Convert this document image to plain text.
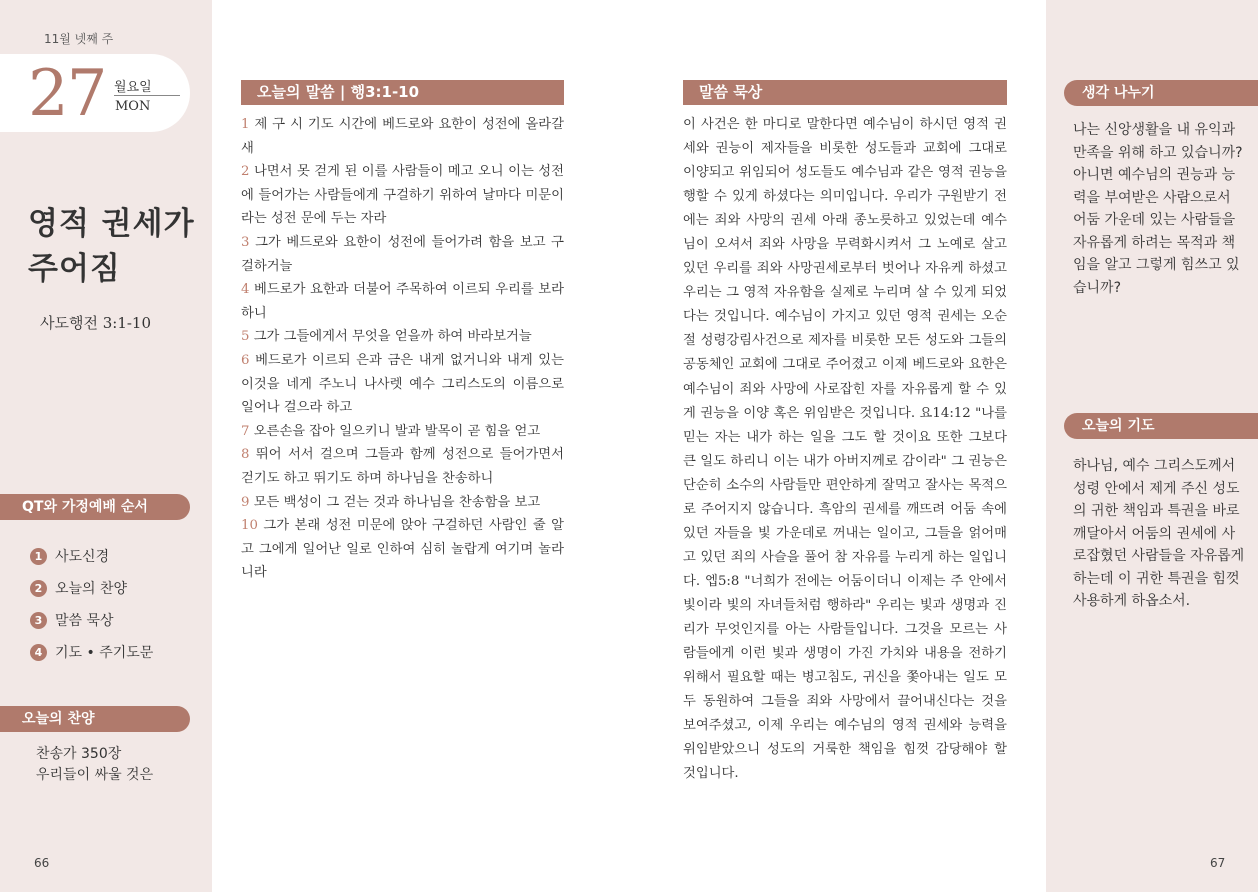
11월 넷째 주
27 월요일
MON
영적 권세가
주어짐
사도행전 3:1-10
QT와 가정예배 순서
1 사도신경
2 오늘의 찬양
3 말씀 묵상
4 기도 • 주기도문
오늘의 찬양
찬송가 350장
우리들이 싸울 것은
66
오늘의 말씀 | 행3:1-10

1 제 구 시 기도 시간에 베드로와 요한이 성전에 올라갈새

2 나면서 못 걷게 된 이를 사람들이 메고 오니 이는 성전에 들어가는 사람들에게 구걸하기 위하여 날마다 미문이라는 성전 문에 두는 자라

3 그가 베드로와 요한이 성전에 들어가려 함을 보고 구걸하거늘

4 베드로가 요한과 더불어 주목하여 이르되 우리를 보라 하니

5 그가 그들에게서 무엇을 얻을까 하여 바라보거늘

6 베드로가 이르되 은과 금은 내게 없거니와 내게 있는 이것을 네게 주노니 나사렛 예수 그리스도의 이름으로 일어나 걸으라 하고

7 오른손을 잡아 일으키니 발과 발목이 곧 힘을 얻고

8 뛰어 서서 걸으며 그들과 함께 성전으로 들어가면서 걷기도 하고 뛰기도 하며 하나님을 찬송하니

9 모든 백성이 그 걷는 것과 하나님을 찬송함을 보고

10 그가 본래 성전 미문에 앉아 구걸하던 사람인 줄 알고 그에게 일어난 일로 인하여 심히 놀랍게 여기며 놀라니라

말씀 묵상

이 사건은 한 마디로 말한다면 예수님이 하시던 영적 권세와 권능이 제자들을 비롯한 성도들과 교회에 그대로 이양되고 위임되어 성도들도 예수님과 같은 영적 권능을 행할 수 있게 하셨다는 의미입니다. 우리가 구원받기 전에는 죄와 사망의 권세 아래 종노릇하고 있었는데 예수님이 오셔서 죄와 사망을 무력화시켜서 그 노예로 살고 있던 우리를 죄와 사망권세로부터 벗어나 자유케 하셨고 우리는 그 영적 자유함을 실제로 누리며 살 수 있게 되었다는 것입니다. 예수님이 가지고 있던 영적 권세는 오순절 성령강림사건으로 제자를 비롯한 모든 성도와 그들의 공동체인 교회에 그대로 주어졌고 이제 베드로와 요한은 예수님이 죄와 사망에 사로잡힌 자를 자유롭게 할 수 있게 권능을 이양 혹은 위임받은 것입니다. 요14:12 "나를 믿는 자는 내가 하는 일을 그도 할 것이요 또한 그보다 큰 일도 하리니 이는 내가 아버지께로 감이라" 그 권능은 단순히 소수의 사람들만 편안하게 잘먹고 잘사는 목적으로 주어지지 않습니다. 흑암의 권세를 깨뜨려 어둠 속에 있던 자들을 빛 가운데로 꺼내는 일이고, 그들을 얽어매고 있던 죄의 사슬을 풀어 참 자유를 누리게 하는 일입니다. 엡5:8 "너희가 전에는 어둠이더니 이제는 주 안에서 빛이라 빛의 자녀들처럼 행하라" 우리는 빛과 생명과 진리가 무엇인지를 아는 사람들입니다. 그것을 모르는 사람들에게 이런 빛과 생명이 가진 가치와 내용을 전하기 위해서 필요할 때는 병고침도, 귀신을 쫓아내는 일도 모두 동원하여 그들을 죄와 사망에서 끌어내신다는 것을 보여주셨고, 이제 우리는 예수님의 영적 권세와 능력을 위임받았으니 성도의 거룩한 책임을 힘껏 감당해야 할 것입니다.

67
생각 나누기

나는 신앙생활을 내 유익과 만족을 위해 하고 있습니까? 아니면 예수님의 권능과 능력을 부여받은 사람으로서 어둠 가운데 있는 사람들을 자유롭게 하려는 목적과 책임을 알고 그렇게 힘쓰고 있습니까?

오늘의 기도

하나님, 예수 그리스도께서 성령 안에서 제게 주신 성도의 귀한 책임과 특권을 바로 깨달아서 어둠의 권세에 사로잡혔던 사람들을 자유롭게 하는데 이 귀한 특권을 힘껏 사용하게 하옵소서.
